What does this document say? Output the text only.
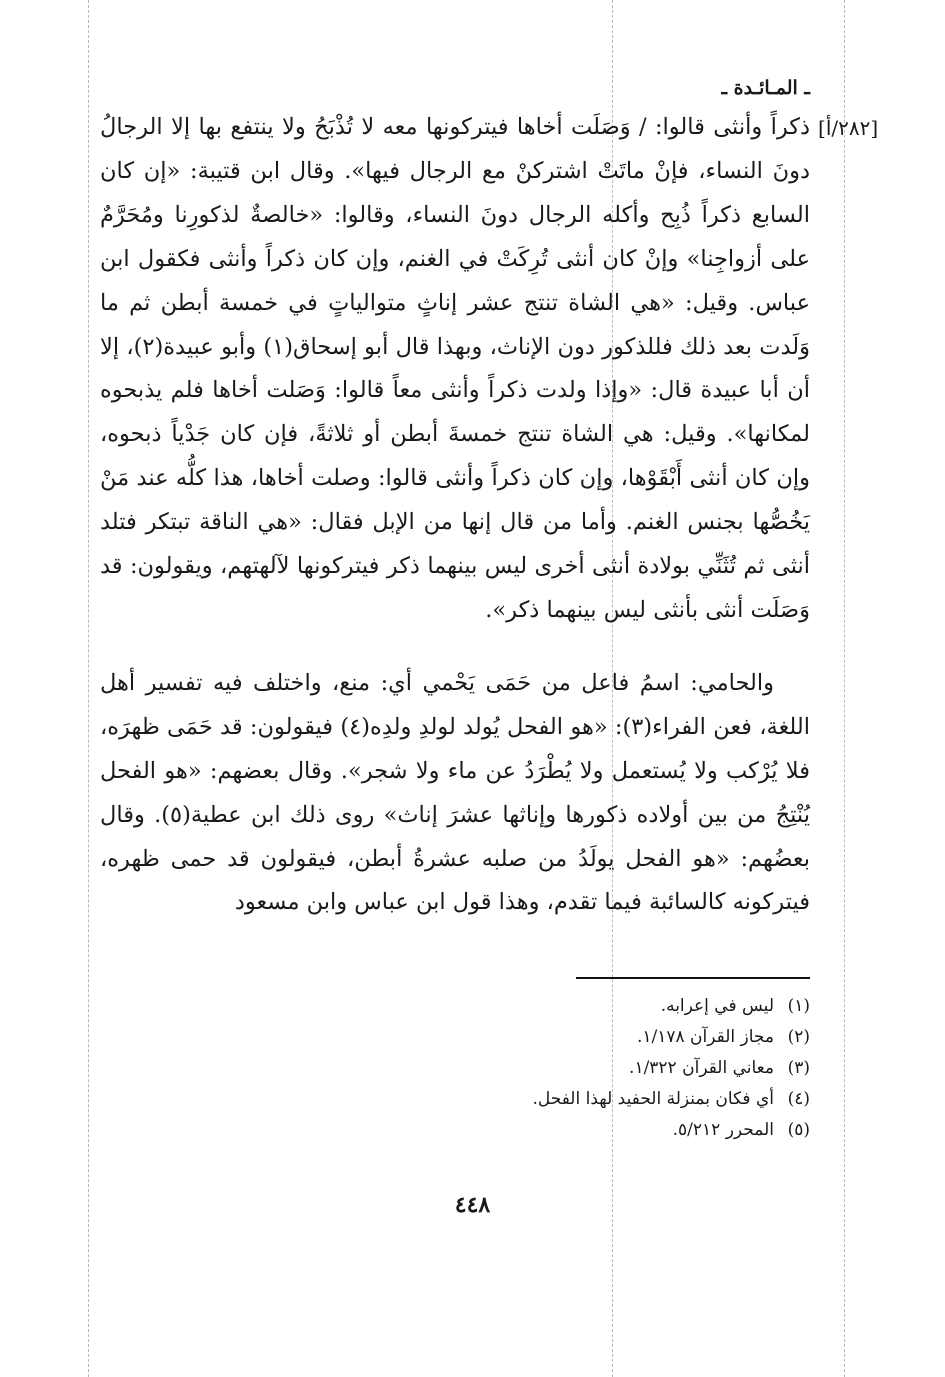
ـ المـائـدة ـ
[٢٨٢/أ]

ذكراً وأنثى قالوا: / وَصَلَت أخاها فيتركونها معه لا تُذْبَحُ ولا ينتفع بها إلا الرجالُ دونَ النساء، فإنْ ماتَتْ اشتركنْ مع الرجال فيها». وقال ابن قتيبة: «إن كان السابع ذكراً ذُبِح وأكله الرجال دونَ النساء، وقالوا: «خالصةٌ لذكورِنا ومُحَرَّمٌ على أزواجِنا» وإنْ كان أنثى تُرِكَتْ في الغنم، وإن كان ذكراً وأنثى فكقول ابن عباس. وقيل: «هي الشاة تنتج عشر إناثٍ متوالياتٍ في خمسة أبطن ثم ما وَلَدت بعد ذلك فللذكور دون الإناث، وبهذا قال أبو إسحاق(١) وأبو عبيدة(٢)، إلا أن أبا عبيدة قال: «وإذا ولدت ذكراً وأنثى معاً قالوا: وَصَلت أخاها فلم يذبحوه لمكانها». وقيل: هي الشاة تنتج خمسةَ أبطن أو ثلاثةً، فإن كان جَدْياً ذبحوه، وإن كان أنثى أَبْقَوْها، وإن كان ذكراً وأنثى قالوا: وصلت أخاها، هذا كلُّه عند مَنْ يَخُصُّها بجنس الغنم. وأما من قال إنها من الإبل فقال: «هي الناقة تبتكر فتلد أنثى ثم تُثَنِّي بولادة أنثى أخرى ليس بينهما ذكر فيتركونها لآلهتهم، ويقولون: قد وَصَلَت أنثى بأنثى ليس بينهما ذكر».

والحامي: اسمُ فاعل من حَمَى يَحْمي أي: منع، واختلف فيه تفسير أهل اللغة، فعن الفراء(٣): «هو الفحل يُولد لولدِ ولدِه(٤) فيقولون: قد حَمَى ظهرَه، فلا يُرْكب ولا يُستعمل ولا يُطْرَدُ عن ماء ولا شجر». وقال بعضهم: «هو الفحل يُنْتِجُ من بين أولاده ذكورها وإناثها عشرَ إناث» روى ذلك ابن عطية(٥). وقال بعضُهم: «هو الفحل يولَدُ من صلبه عشرةُ أبطن، فيقولون قد حمى ظهره، فيتركونه كالسائبة فيما تقدم، وهذا قول ابن عباس وابن مسعود

(١)ليس في إعرابه.
(٢)مجاز القرآن ١/١٧٨.
(٣)معاني القرآن ١/٣٢٢.
(٤)أي فكان بمنزلة الحفيد لهذا الفحل.
(٥)المحرر ٥/٢١٢.
٤٤٨
